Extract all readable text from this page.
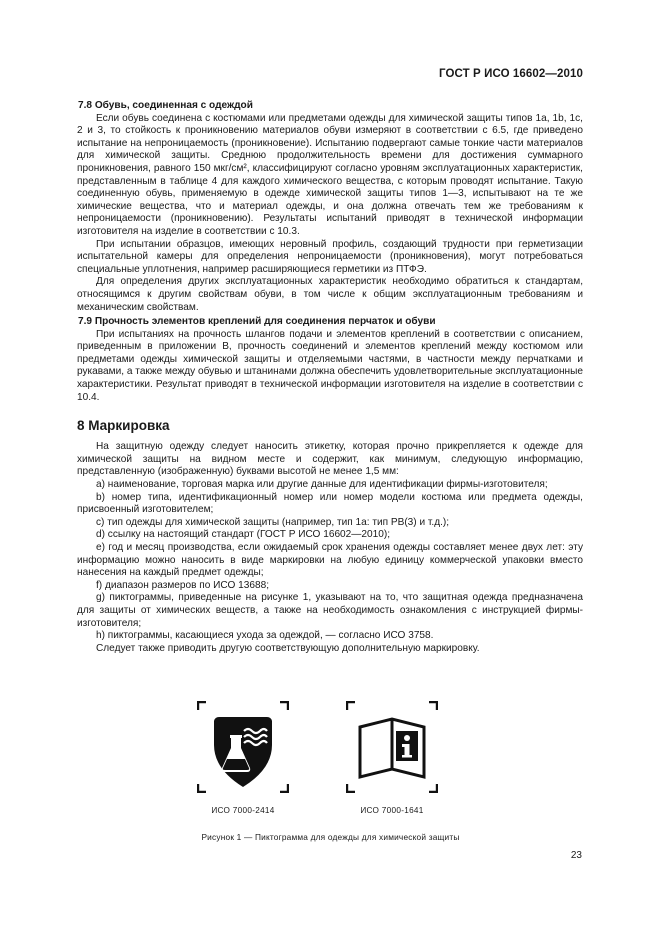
ГОСТ Р ИСО 16602—2010
7.8 Обувь, соединенная с одеждой

Если обувь соединена с костюмами или предметами одежды для химической защиты типов 1а, 1b, 1с, 2 и 3, то стойкость к проникновению материалов обуви измеряют в соответствии с 6.5, где приведено испытание на непроницаемость (проникновение). Испытанию подвергают самые тонкие части материалов для химической защиты. Среднюю продолжительность времени для достижения суммарного проникновения, равного 150 мкг/см², классифицируют согласно уровням эксплуатационных характеристик, представленным в таблице 4 для каждого химического вещества, с которым проводят испытание. Такую соединенную обувь, применяемую в одежде химической защиты типов 1—3, испытывают на те же химические вещества, что и материал одежды, и она должна отвечать тем же требованиям к непроницаемости (проникновению). Результаты испытаний приводят в технической информации изготовителя на изделие в соответствии с 10.3.

При испытании образцов, имеющих неровный профиль, создающий трудности при герметизации испытательной камеры для определения непроницаемости (проникновения), могут потребоваться специальные уплотнения, например расширяющиеся герметики из ПТФЭ.

Для определения других эксплуатационных характеристик необходимо обратиться к стандартам, относящимся к другим свойствам обуви, в том числе к общим эксплуатационным требованиям и механическим свойствам.

7.9 Прочность элементов креплений для соединения перчаток и обуви

При испытаниях на прочность шлангов подачи и элементов креплений в соответствии с описанием, приведенным в приложении В, прочность соединений и элементов креплений между костюмом или предметами одежды химической защиты и отделяемыми частями, в частности между перчатками и рукавами, а также между обувью и штанинами должна обеспечить удовлетворительные эксплуатационные характеристики. Результат приводят в технической информации изготовителя на изделие в соответствии с 10.4.

8 Маркировка

На защитную одежду следует наносить этикетку, которая прочно прикрепляется к одежде для химической защиты на видном месте и содержит, как минимум, следующую информацию, представленную (изображенную) буквами высотой не менее 1,5 мм:

a) наименование, торговая марка или другие данные для идентификации фирмы-изготовителя;

b) номер типа, идентификационный номер или номер модели костюма или предмета одежды, присвоенный изготовителем;

c) тип одежды для химической защиты (например, тип 1а: тип PB(3) и т.д.);

d) ссылку на настоящий стандарт (ГОСТ Р ИСО 16602—2010);

e) год и месяц производства, если ожидаемый срок хранения одежды составляет менее двух лет: эту информацию можно наносить в виде маркировки на любую единицу коммерческой упаковки вместо нанесения на каждый предмет одежды;

f) диапазон размеров по ИСО 13688;

g) пиктограммы, приведенные на рисунке 1, указывают на то, что защитная одежда предназначена для защиты от химических веществ, а также на необходимость ознакомления с инструкцией фирмы-изготовителя;

h) пиктограммы, касающиеся ухода за одеждой, — согласно ИСО 3758.

Следует также приводить другую соответствующую дополнительную маркировку.

ИСО 7000-2414	ИСО 7000-1641
Рисунок 1 — Пиктограмма для одежды для химической защиты
23
